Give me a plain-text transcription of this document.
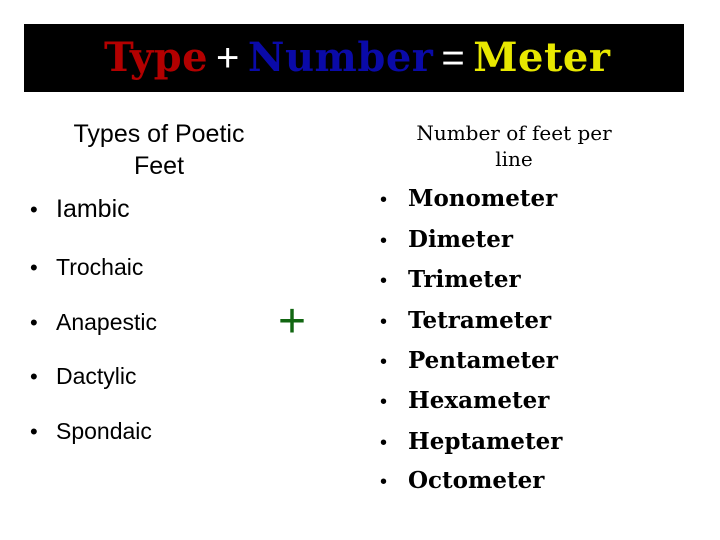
Type + Number = Meter
Types of Poetic
Feet
• Iambic
• Trochaic
• Anapestic
• Dactylic
• Spondaic
+
Number of feet per
line
• Monometer
• Dimeter
• Trimeter
• Tetrameter
• Pentameter
• Hexameter
• Heptameter
• Octometer
